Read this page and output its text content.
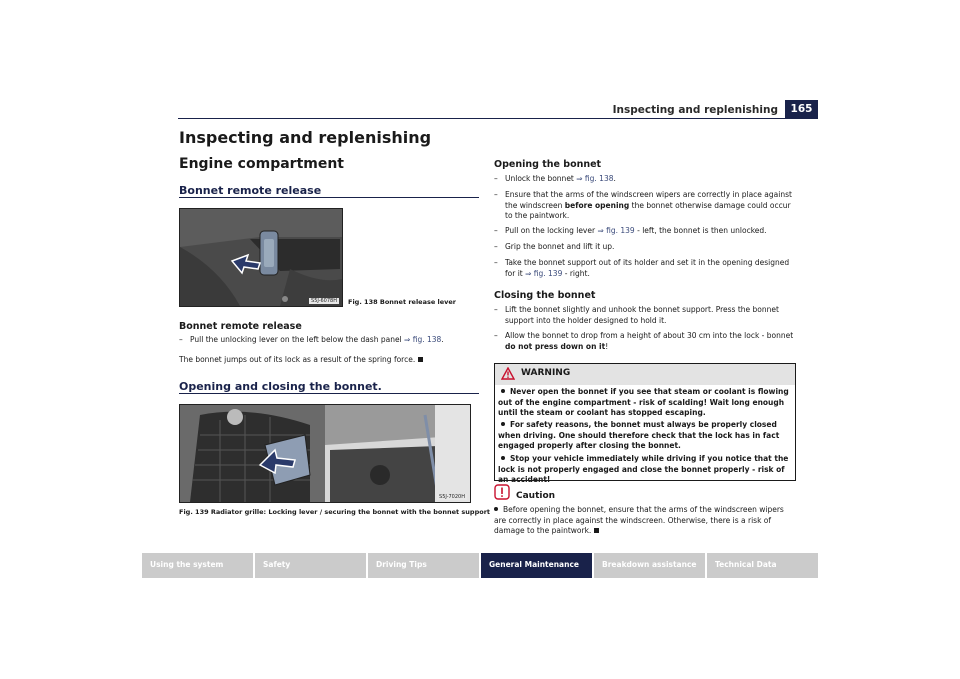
Inspecting and replenishing	165
Inspecting and replenishing
Engine compartment
Bonnet remote release
S5J-6078H	Fig. 138 Bonnet release lever
Bonnet remote release
– Pull the unlocking lever on the left below the dash panel ⇒ fig. 138.
The bonnet jumps out of its lock as a result of the spring force.
Opening and closing the bonnet.
S5J-7020H
Fig. 139 Radiator grille: Locking lever / securing the bonnet with the bonnet support
Opening the bonnet
– Unlock the bonnet ⇒ fig. 138.
– Ensure that the arms of the windscreen wipers are correctly in place against the windscreen before opening the bonnet otherwise damage could occur to the paintwork.
– Pull on the locking lever ⇒ fig. 139 - left, the bonnet is then unlocked.
– Grip the bonnet and lift it up.
– Take the bonnet support out of its holder and set it in the opening designed for it ⇒ fig. 139 - right.
Closing the bonnet
– Lift the bonnet slightly and unhook the bonnet support. Press the bonnet support into the holder designed to hold it.
– Allow the bonnet to drop from a height of about 30 cm into the lock - bonnet do not press down on it!
WARNING
Never open the bonnet if you see that steam or coolant is flowing out of the engine compartment - risk of scalding! Wait long enough until the steam or coolant has stopped escaping.
For safety reasons, the bonnet must always be properly closed when driving. One should therefore check that the lock has in fact engaged properly after closing the bonnet.
Stop your vehicle immediately while driving if you notice that the lock is not properly engaged and close the bonnet properly - risk of an accident!
Caution
Before opening the bonnet, ensure that the arms of the windscreen wipers are correctly in place against the windscreen. Otherwise, there is a risk of damage to the paintwork.
Using the system	Safety	Driving Tips	General Maintenance	Breakdown assistance	Technical Data
